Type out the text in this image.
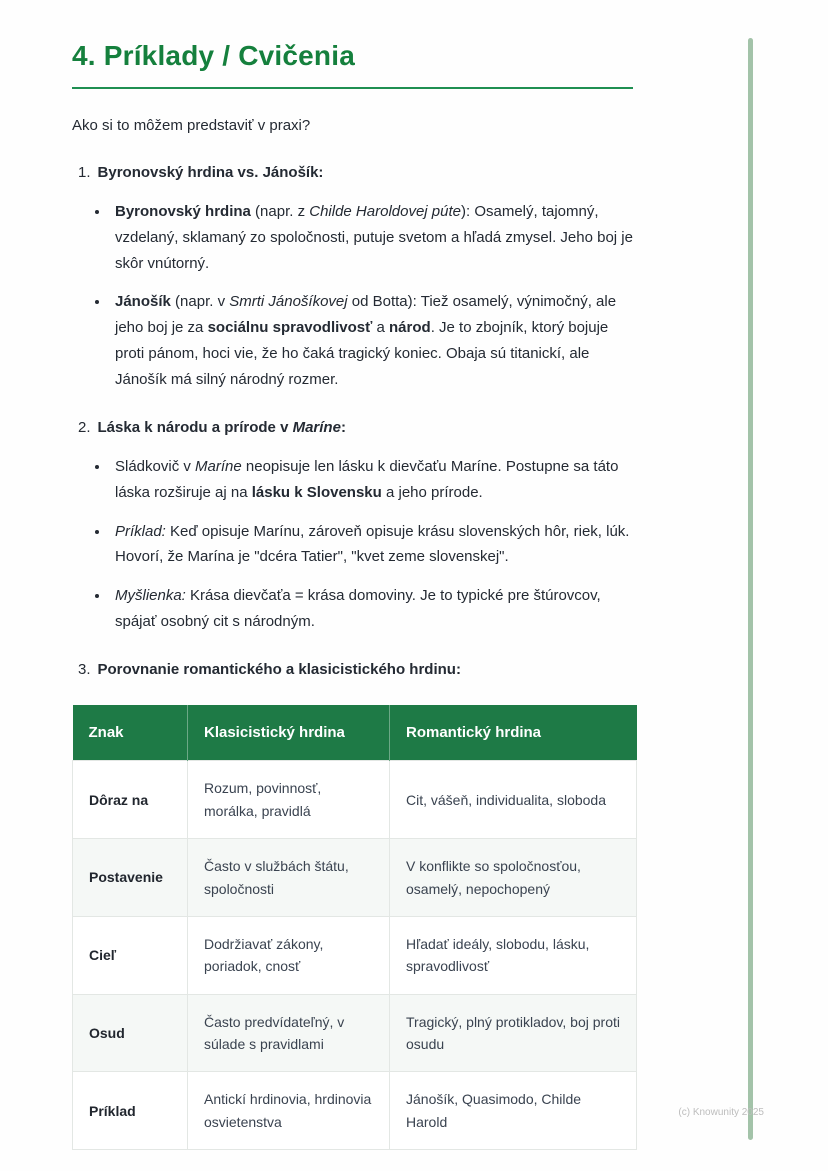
4. Príklady / Cvičenia

Ako si to môžem predstaviť v praxi?

1. Byronovský hrdina vs. Jánošík:
• Byronovský hrdina (napr. z Childe Haroldovej púte): Osamelý, tajomný, vzdelaný, sklamaný zo spoločnosti, putuje svetom a hľadá zmysel. Jeho boj je skôr vnútorný.
• Jánošík (napr. v Smrti Jánošíkovej od Botta): Tiež osamelý, výnimočný, ale jeho boj je za sociálnu spravodlivosť a národ. Je to zbojník, ktorý bojuje proti pánom, hoci vie, že ho čaká tragický koniec. Obaja sú titanickí, ale Jánošík má silný národný rozmer.
2. Láska k národu a prírode v Maríne:
• Sládkovič v Maríne neopisuje len lásku k dievčaťu Maríne. Postupne sa táto láska rozširuje aj na lásku k Slovensku a jeho prírode.
• Príklad: Keď opisuje Marínu, zároveň opisuje krásu slovenských hôr, riek, lúk. Hovorí, že Marína je "dcéra Tatier", "kvet zeme slovenskej".
• Myšlienka: Krása dievčaťa = krása domoviny. Je to typické pre štúrovcov, spájať osobný cit s národným.
3. Porovnanie romantického a klasicistického hrdinu:
Znak	Klasicistický hrdina	Romantický hrdina
Dôraz na	Rozum, povinnosť, morálka, pravidlá	Cit, vášeň, individualita, sloboda
Postavenie	Často v službách štátu, spoločnosti	V konflikte so spoločnosťou, osamelý, nepochopený
Cieľ	Dodržiavať zákony, poriadok, cnosť	Hľadať ideály, slobodu, lásku, spravodlivosť
Osud	Často predvídateľný, v súlade s pravidlami	Tragický, plný protikladov, boj proti osudu
Príklad	Antickí hrdinovia, hrdinovia osvietenstva	Jánošík, Quasimodo, Childe Harold
(c) Knowunity 2025
